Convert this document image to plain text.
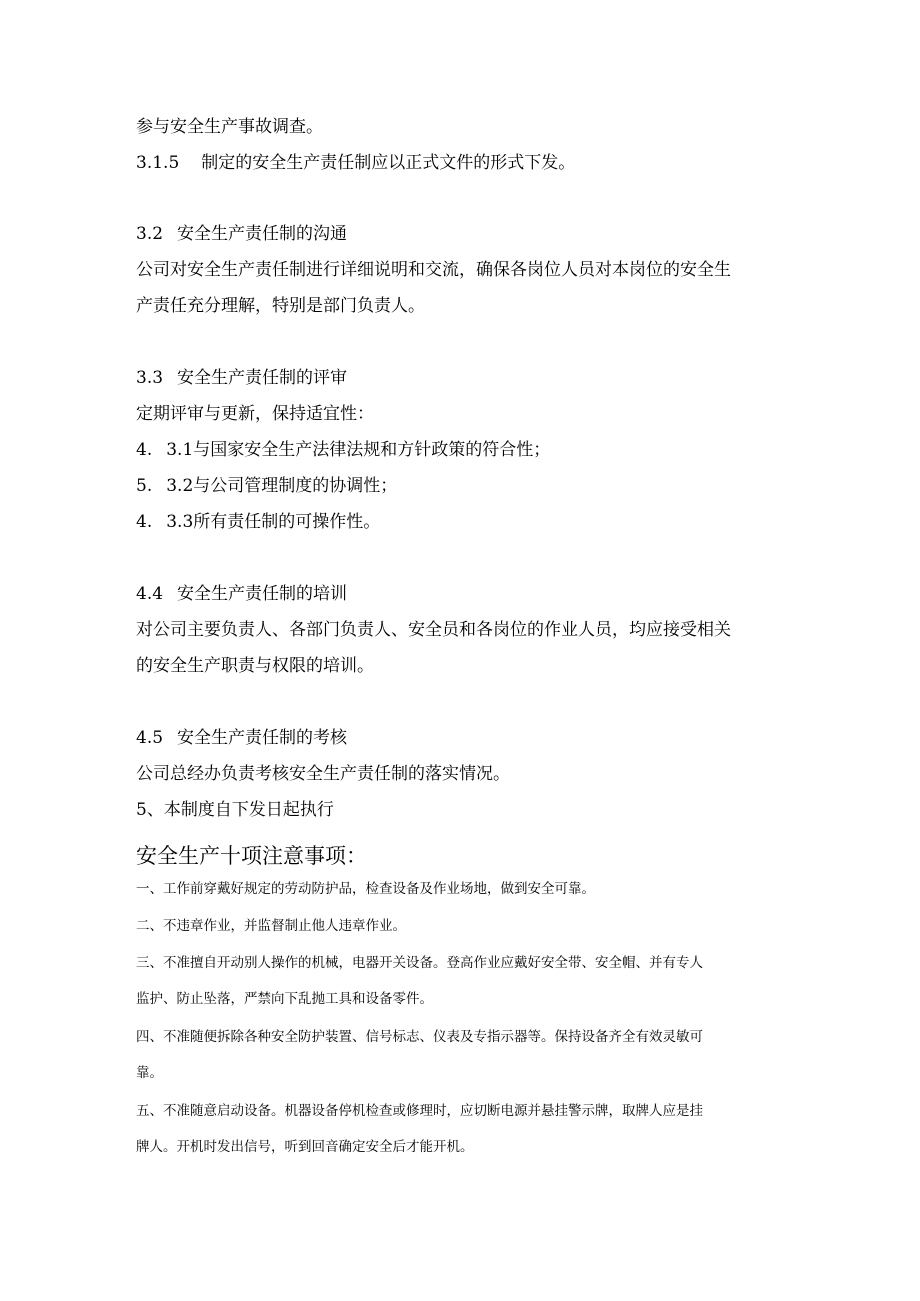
参与安全生产事故调查。
3.1.5 制定的安全生产责任制应以正式文件的形式下发。
3.2 安全生产责任制的沟通
公司对安全生产责任制进行详细说明和交流，确保各岗位人员对本岗位的安全生
产责任充分理解，特别是部门负责人。
3.3 安全生产责任制的评审
定期评审与更新，保持适宜性：
4. 3.1与国家安全生产法律法规和方针政策的符合性；
5. 3.2与公司管理制度的协调性；
4. 3.3所有责任制的可操作性。
4.4 安全生产责任制的培训
对公司主要负责人、各部门负责人、安全员和各岗位的作业人员，均应接受相关
的安全生产职责与权限的培训。
4.5 安全生产责任制的考核
公司总经办负责考核安全生产责任制的落实情况。
5、本制度自下发日起执行
安全生产十项注意事项：
一、工作前穿戴好规定的劳动防护品，检查设备及作业场地，做到安全可靠。
二、不违章作业，并监督制止他人违章作业。
三、不准擅自开动别人操作的机械，电器开关设备。登高作业应戴好安全带、安全帽、并有专人
监护、防止坠落，严禁向下乱抛工具和设备零件。
四、不准随便拆除各种安全防护装置、信号标志、仪表及专指示器等。保持设备齐全有效灵敏可
靠。
五、不准随意启动设备。机器设备停机检查或修理时，应切断电源并悬挂警示牌，取牌人应是挂
牌人。开机时发出信号，听到回音确定安全后才能开机。
